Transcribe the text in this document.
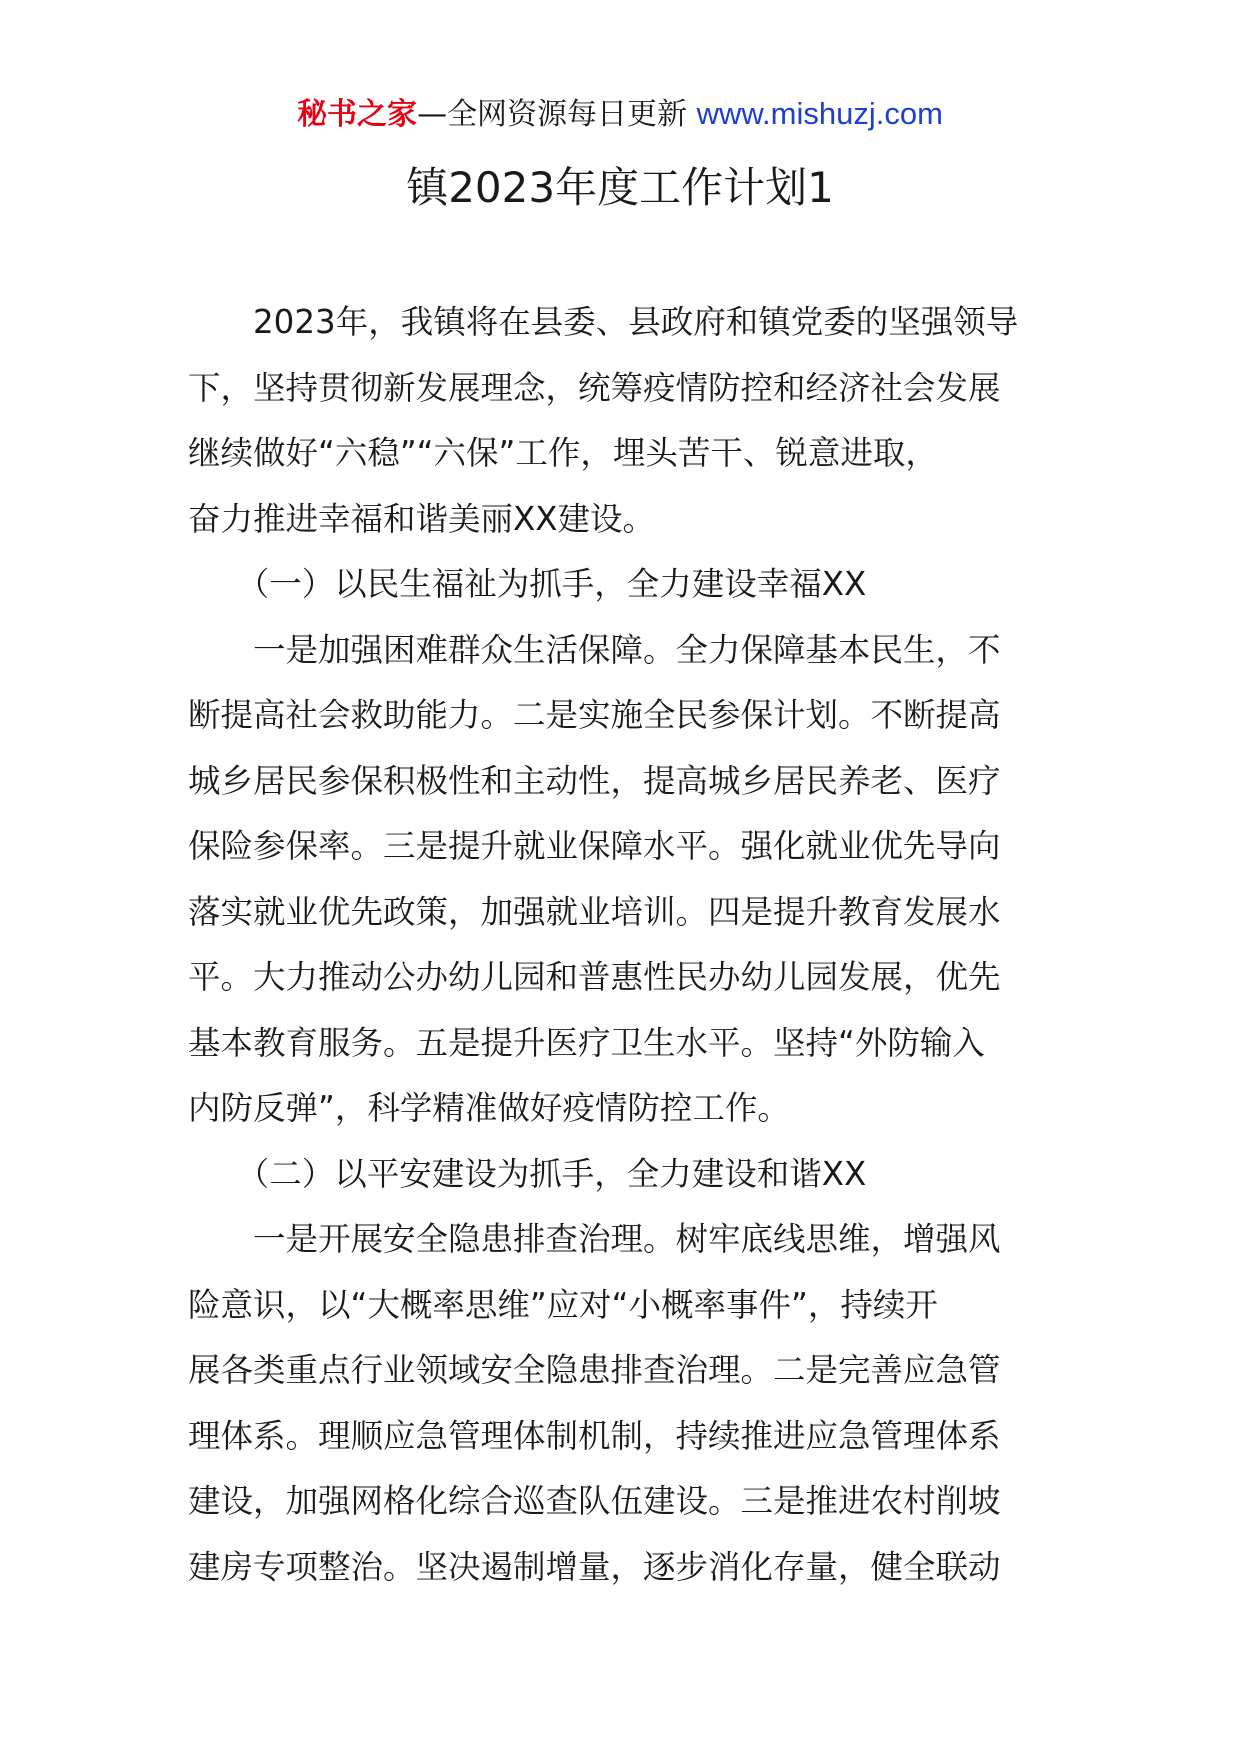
秘书之家—全网资源每日更新 www.mishuzj.com
镇2023年度工作计划1
　　2023年，我镇将在县委、县政府和镇党委的坚强领导
下，坚持贯彻新发展理念，统筹疫情防控和经济社会发展
继续做好“六稳”“六保”工作，埋头苦干、锐意进取，
奋力推进幸福和谐美丽XX建设。
　　（一）以民生福祉为抓手，全力建设幸福XX
　　一是加强困难群众生活保障。全力保障基本民生，不
断提高社会救助能力。二是实施全民参保计划。不断提高
城乡居民参保积极性和主动性，提高城乡居民养老、医疗
保险参保率。三是提升就业保障水平。强化就业优先导向
落实就业优先政策，加强就业培训。四是提升教育发展水
平。大力推动公办幼儿园和普惠性民办幼儿园发展，优先
基本教育服务。五是提升医疗卫生水平。坚持“外防输入
内防反弹”，科学精准做好疫情防控工作。
　　（二）以平安建设为抓手，全力建设和谐XX
　　一是开展安全隐患排查治理。树牢底线思维，增强风
险意识，以“大概率思维”应对“小概率事件”，持续开
展各类重点行业领域安全隐患排查治理。二是完善应急管
理体系。理顺应急管理体制机制，持续推进应急管理体系
建设，加强网格化综合巡查队伍建设。三是推进农村削坡
建房专项整治。坚决遏制增量，逐步消化存量，健全联动
